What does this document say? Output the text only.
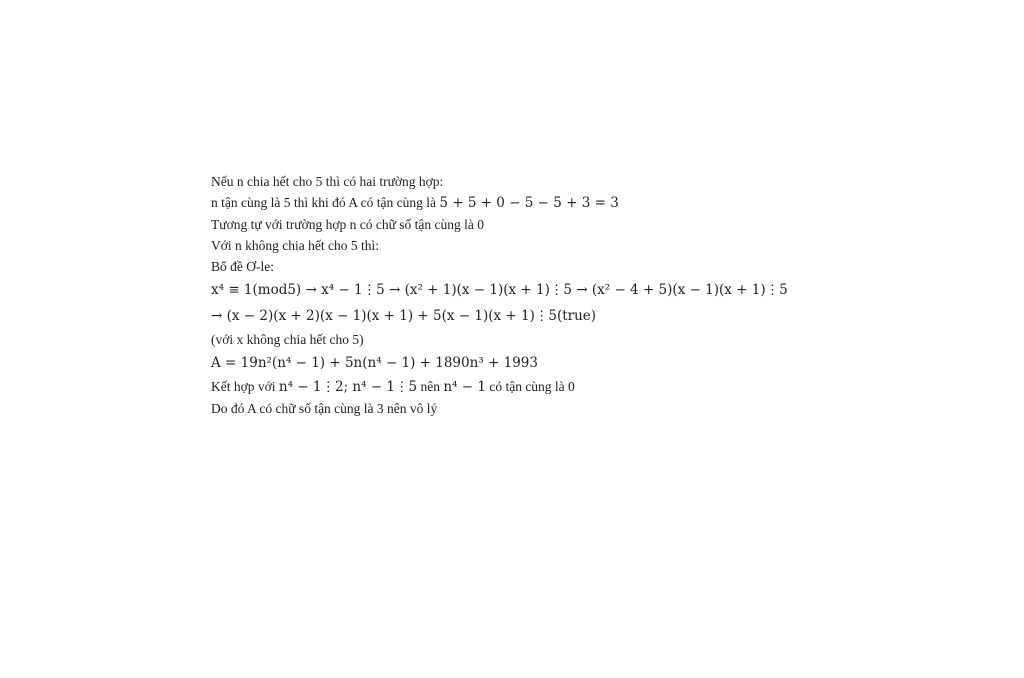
Nếu n chia hết cho 5 thì có hai trường hợp:
n tận cùng là 5 thì khi đó A có tận cùng là 5 + 5 + 0 − 5 − 5 + 3 = 3
Tương tự với trường hợp n có chữ số tận cùng là 0
Với n không chia hết cho 5 thì:
Bổ đề Ơ-le:
x⁴ ≡ 1(mod5) → x⁴ − 1⋮5 → (x² + 1)(x − 1)(x + 1)⋮5 → (x² − 4 + 5)(x − 1)(x + 1)⋮5
→ (x − 2)(x + 2)(x − 1)(x + 1) + 5(x − 1)(x + 1)⋮5(true)
(với x không chia hết cho 5)
A = 19n²(n⁴ − 1) + 5n(n⁴ − 1) + 1890n³ + 1993
Kết hợp với n⁴ − 1⋮2; n⁴ − 1⋮5 nên n⁴ − 1 có tận cùng là 0
Do đó A có chữ số tận cùng là 3 nên vô lý
